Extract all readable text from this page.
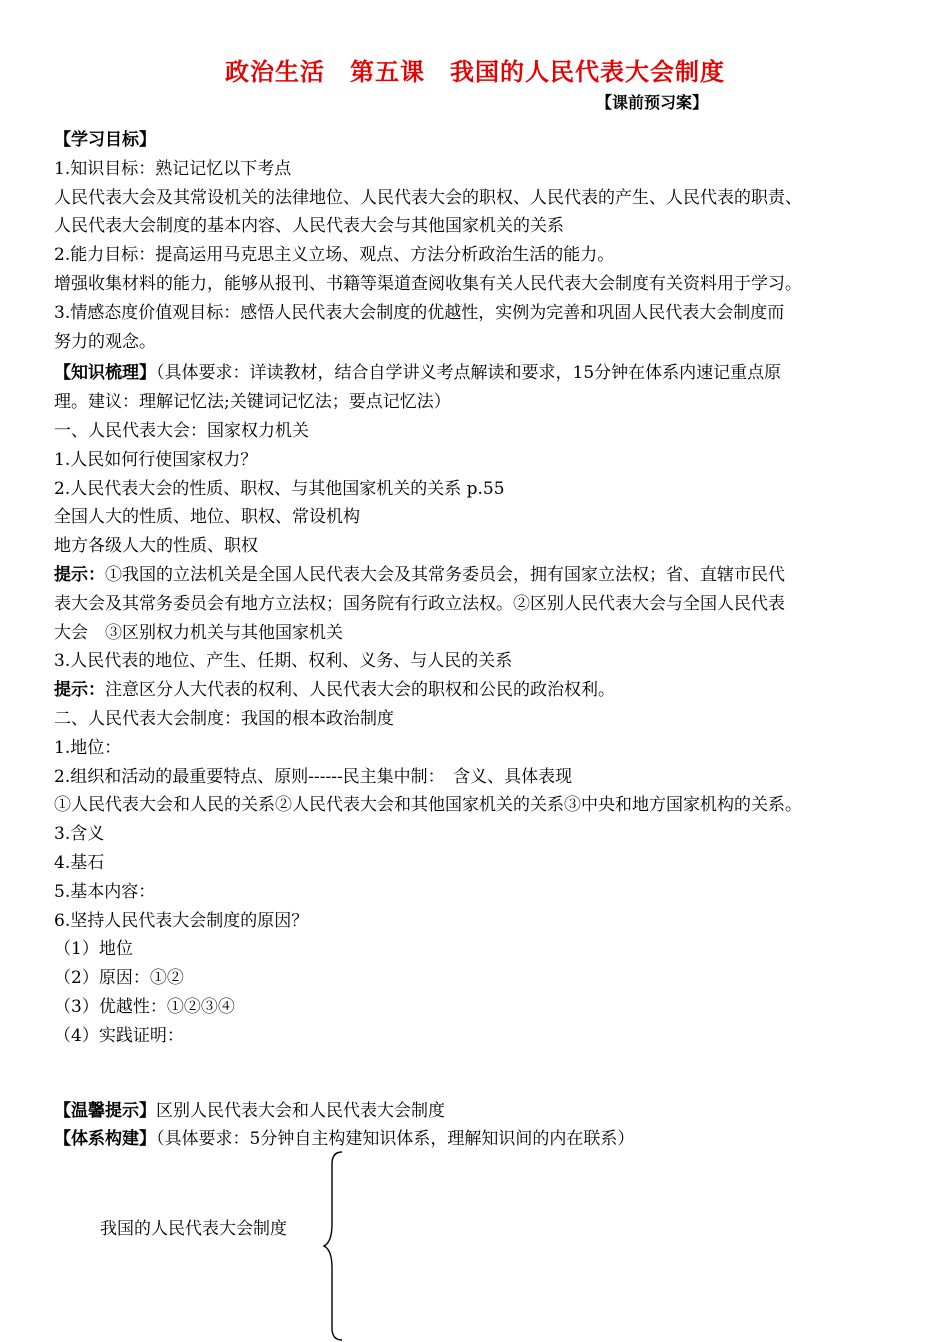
政治生活　第五课　我国的人民代表大会制度
【课前预习案】

【学习目标】

1.知识目标：熟记记忆以下考点

人民代表大会及其常设机关的法律地位、人民代表大会的职权、人民代表的产生、人民代表的职责、

人民代表大会制度的基本内容、人民代表大会与其他国家机关的关系

2.能力目标：提高运用马克思主义立场、观点、方法分析政治生活的能力。

增强收集材料的能力，能够从报刊、书籍等渠道查阅收集有关人民代表大会制度有关资料用于学习。

3.情感态度价值观目标：感悟人民代表大会制度的优越性，实例为完善和巩固人民代表大会制度而

努力的观念。

【知识梳理】（具体要求：详读教材，结合自学讲义考点解读和要求，15分钟在体系内速记重点原

理。建议：理解记忆法;关键词记忆法；要点记忆法）

一、人民代表大会：国家权力机关

1.人民如何行使国家权力？

2.人民代表大会的性质、职权、与其他国家机关的关系 p.55

全国人大的性质、地位、职权、常设机构

地方各级人大的性质、职权

提示：①我国的立法机关是全国人民代表大会及其常务委员会，拥有国家立法权；省、直辖市民代

表大会及其常务委员会有地方立法权；国务院有行政立法权。②区别人民代表大会与全国人民代表

大会　③区别权力机关与其他国家机关

3.人民代表的地位、产生、任期、权利、义务、与人民的关系

提示：注意区分人大代表的权利、人民代表大会的职权和公民的政治权利。

二、人民代表大会制度：我国的根本政治制度

1.地位：

2.组织和活动的最重要特点、原则------民主集中制：　含义、具体表现

①人民代表大会和人民的关系②人民代表大会和其他国家机关的关系③中央和地方国家机构的关系。

3.含义

4.基石

5.基本内容：

6.坚持人民代表大会制度的原因？

（1）地位

（2）原因：①②

（3）优越性：①②③④

（4）实践证明：

【温馨提示】区别人民代表大会和人民代表大会制度

【体系构建】（具体要求：5分钟自主构建知识体系，理解知识间的内在联系）

我国的人民代表大会制度
